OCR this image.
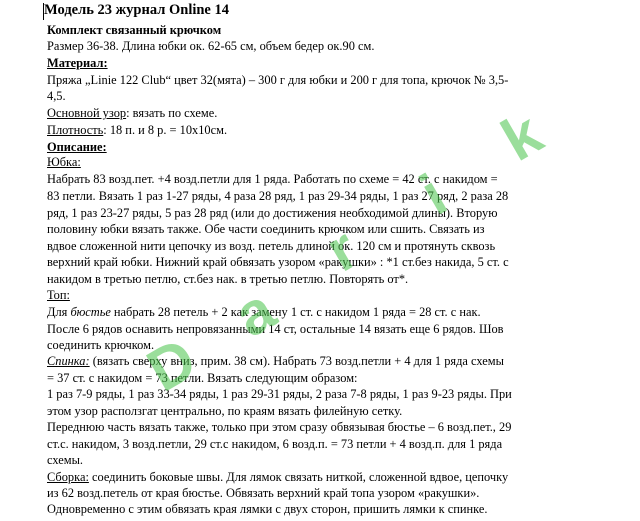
Модель 23 журнал Online 14
Комплект связанный крючком
Размер 36-38. Длина юбки ок. 62-65 см, объем бедер ок.90 см.
Материал:
Пряжа „Linie 122 Club“ цвет 32(мята) – 300 г для юбки и 200 г для топа, крючок № 3,5-
4,5.
Основной узор: вязать по схеме.
Плотность: 18 п. и 8 р. = 10х10см.
Описание:
Юбка:
Набрать 83 возд.пет. +4 возд.петли для 1 ряда. Работать по схеме = 42 ст. с накидом =
83 петли. Вязать 1 раз 1-27 ряды, 4 раза 28 ряд, 1 раз 29-34 ряды, 1 раз 27 ряд, 2 раза 28
ряд, 1 раз 23-27 ряды, 5 раз 28 ряд (или до достижения необходимой длины). Вторую
половину юбки вязать также. Обе части соединить крючком или сшить. Связать из
вдвое сложенной нити цепочку из возд. петель длиной ок. 120 см и протянуть сквозь
верхний край юбки. Нижний край обвязать узором «ракушки» : *1 ст.без накида, 5 ст. с
накидом в третью петлю, ст.без нак. в третью петлю. Повторять от*.
Топ:
Для бюстье набрать 28 петель + 2 как замену 1 ст. с накидом 1 ряда = 28 ст. с нак.
После 6 рядов оснавить непровязанными 14 ст, остальные 14 вязать еще 6 рядов. Шов
соединить крючком.
Спинка: (вязать сверху вниз, прим. 38 см). Набрать 73 возд.петли + 4 для 1 ряда схемы
= 37 ст. с накидом = 73 петли. Вязать следующим образом:
1 раз 7-9 ряды, 1 раз 33-34 ряды, 1 раз 29-31 ряды, 2 раза 7-8 ряды, 1 раз 9-23 ряды. При
этом узор расползгат центрально, по краям вязать филейную сетку.
Переднюю часть вязать также, только при этом сразу обвязывая бюстье – 6 возд.пет., 29
ст.с. накидом, 3 возд.петли, 29 ст.с накидом, 6 возд.п. = 73 петли + 4 возд.п. для 1 ряда
схемы.
Сборка: соединить боковые швы. Для лямок связать ниткой, сложенной вдвое, цепочку
из 62 возд.петель от края бюстье. Обвязать верхний край топа узором «ракушки».
Одновременно с этим обвязать края лямки с двух сторон, пришить лямки к спинке.
D
a
r
i
k
